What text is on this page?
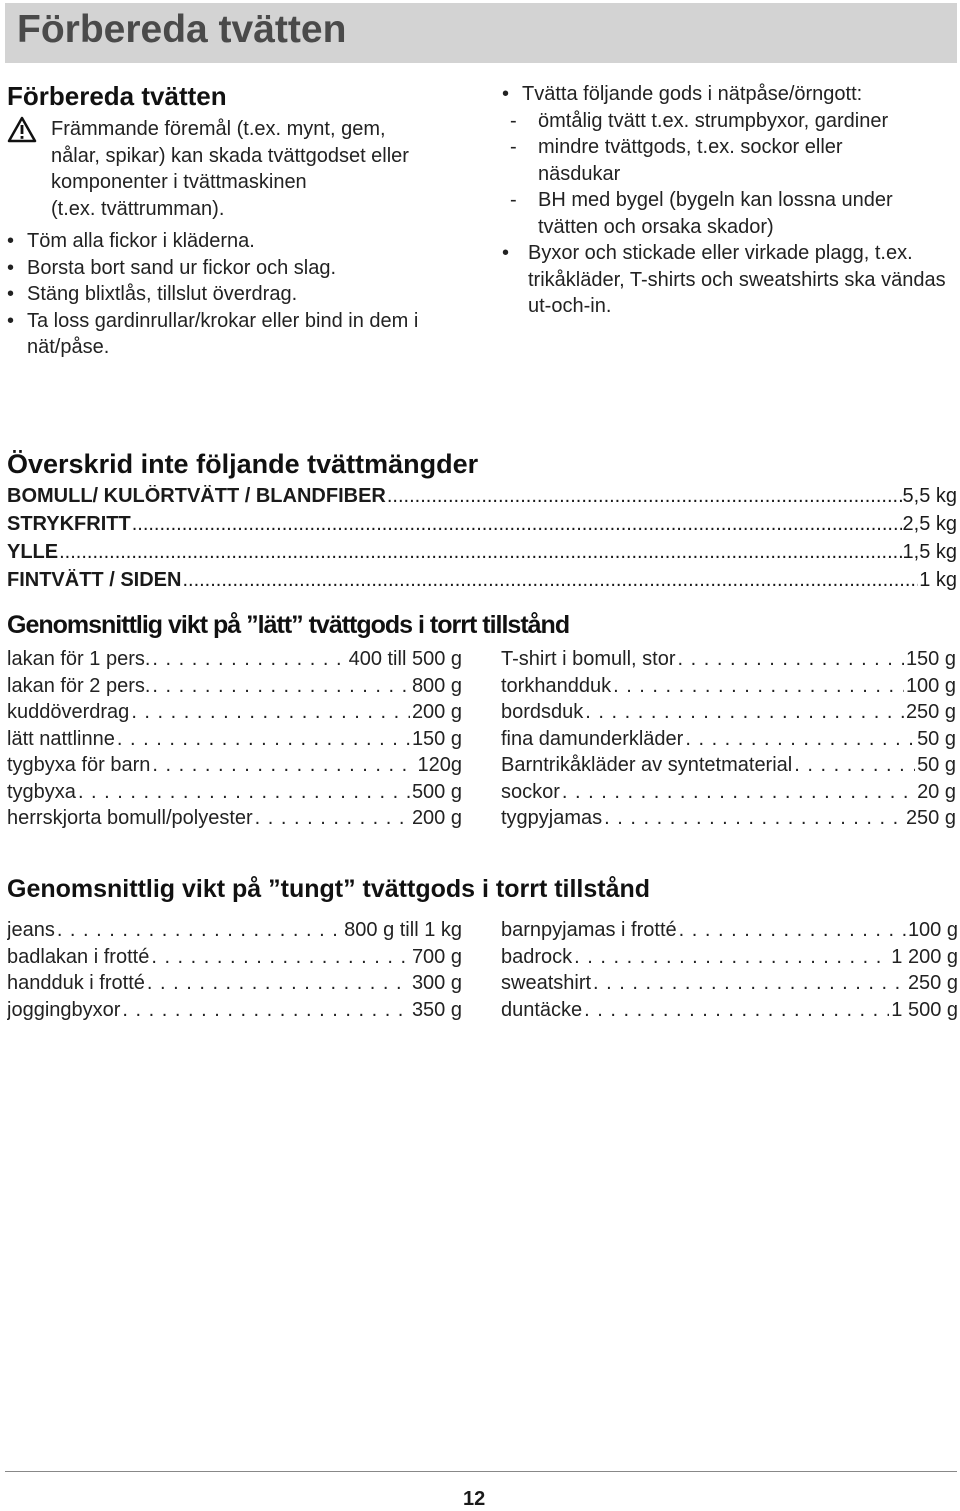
Förbereda tvätten
Förbereda tvätten
Främmande föremål (t.ex. mynt, gem,
nålar, spikar) kan skada tvättgodset eller
komponenter i tvättmaskinen
(t.ex. tvättrumman).
• Töm alla fickor i kläderna.
• Borsta bort sand ur fickor och slag.
• Stäng blixtlås, tillslut överdrag.
• Ta loss gardinrullar/krokar eller bind in dem i nät/påse.
• Tvätta följande gods i nätpåse/örngott:
- ömtålig tvätt t.ex. strumpbyxor, gardiner
- mindre tvättgods, t.ex. sockor eller näsdukar
- BH med bygel (bygeln kan lossna under tvätten och orsaka skador)
• Byxor och stickade eller virkade plagg, t.ex. trikåkläder, T-shirts och sweatshirts ska vändas ut-och-in.
Överskrid inte följande tvättmängder
BOMULL/ KULÖRTVÄTT / BLANDFIBER .....	5,5 kg
STRYKFRITT .....	2,5 kg
YLLE .....	1,5 kg
FINTVÄTT / SIDEN .....	1 kg
Genomsnittlig vikt på ”lätt” tvättgods i torrt tillstånd
lakan för 1 pers. . . .	400 till 500 g
lakan för 2 pers. . . .	800 g
kuddöverdrag . . .	200 g
lätt nattlinne . . .	150 g
tygbyxa för barn . . .	120g
tygbyxa . . .	500 g
herrskjorta bomull/polyester . . .	200 g
T-shirt i bomull, stor . . .	150 g
torkhandduk . . .	100 g
bordsduk . . .	250 g
fina damunderkläder . . .	50 g
Barntrikåkläder av syntetmaterial . . .	50 g
sockor . . .	20 g
tygpyjamas . . .	250 g
Genomsnittlig vikt på ”tungt” tvättgods i torrt tillstånd
jeans . . .	800 g till 1 kg
badlakan i frotté . . .	700 g
handduk i frotté . . .	300 g
joggingbyxor . . .	350 g
barnpyjamas i frotté . . .	100 g
badrock . . .	1 200 g
sweatshirt . . .	250 g
duntäcke . . .	1 500 g
12
